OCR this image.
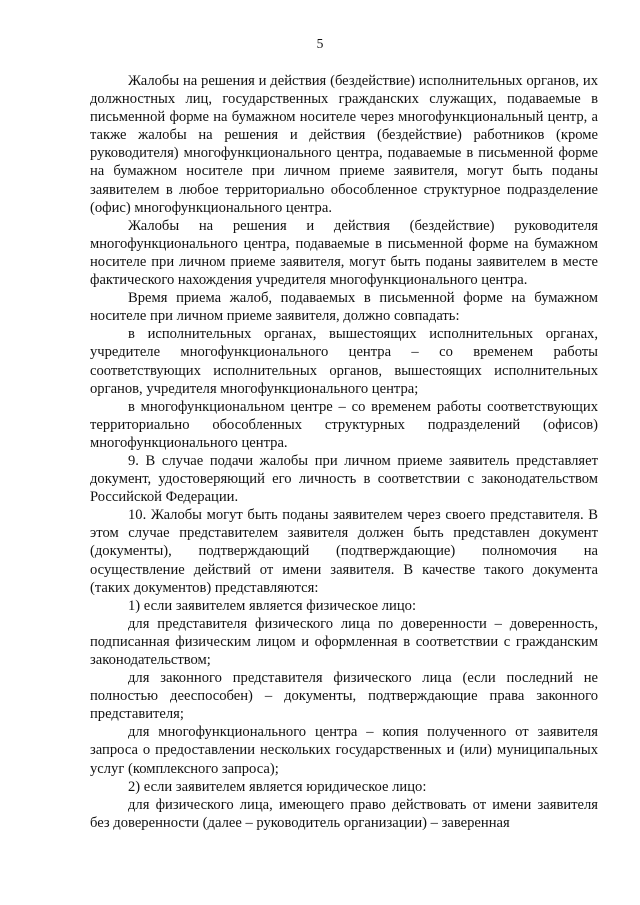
5

Жалобы на решения и действия (бездействие) исполнительных органов, их должностных лиц, государственных гражданских служащих, подаваемые в письменной форме на бумажном носителе через многофункциональный центр, а также жалобы на решения и действия (бездействие) работников (кроме руководителя) многофункционального центра, подаваемые в письменной форме на бумажном носителе при личном приеме заявителя, могут быть поданы заявителем в любое территориально обособленное структурное подразделение (офис) многофункционального центра.

Жалобы на решения и действия (бездействие) руководителя многофункционального центра, подаваемые в письменной форме на бумажном носителе при личном приеме заявителя, могут быть поданы заявителем в месте фактического нахождения учредителя многофункционального центра.

Время приема жалоб, подаваемых в письменной форме на бумажном носителе при личном приеме заявителя, должно совпадать:

в исполнительных органах, вышестоящих исполнительных органах, учредителе многофункционального центра – со временем работы соответствующих исполнительных органов, вышестоящих исполнительных органов, учредителя многофункционального центра;

в многофункциональном центре – со временем работы соответствующих территориально обособленных структурных подразделений (офисов) многофункционального центра.

9. В случае подачи жалобы при личном приеме заявитель представляет документ, удостоверяющий его личность в соответствии с законодательством Российской Федерации.

10. Жалобы могут быть поданы заявителем через своего представителя. В этом случае представителем заявителя должен быть представлен документ (документы), подтверждающий (подтверждающие) полномочия на осуществление действий от имени заявителя. В качестве такого документа (таких документов) представляются:

1) если заявителем является физическое лицо:

для представителя физического лица по доверенности – доверенность, подписанная физическим лицом и оформленная в соответствии с гражданским законодательством;

для законного представителя физического лица (если последний не полностью дееспособен) – документы, подтверждающие права законного представителя;

для многофункционального центра – копия полученного от заявителя запроса о предоставлении нескольких государственных и (или) муниципальных услуг (комплексного запроса);

2) если заявителем является юридическое лицо:

для физического лица, имеющего право действовать от имени заявителя без доверенности (далее – руководитель организации) – заверенная
